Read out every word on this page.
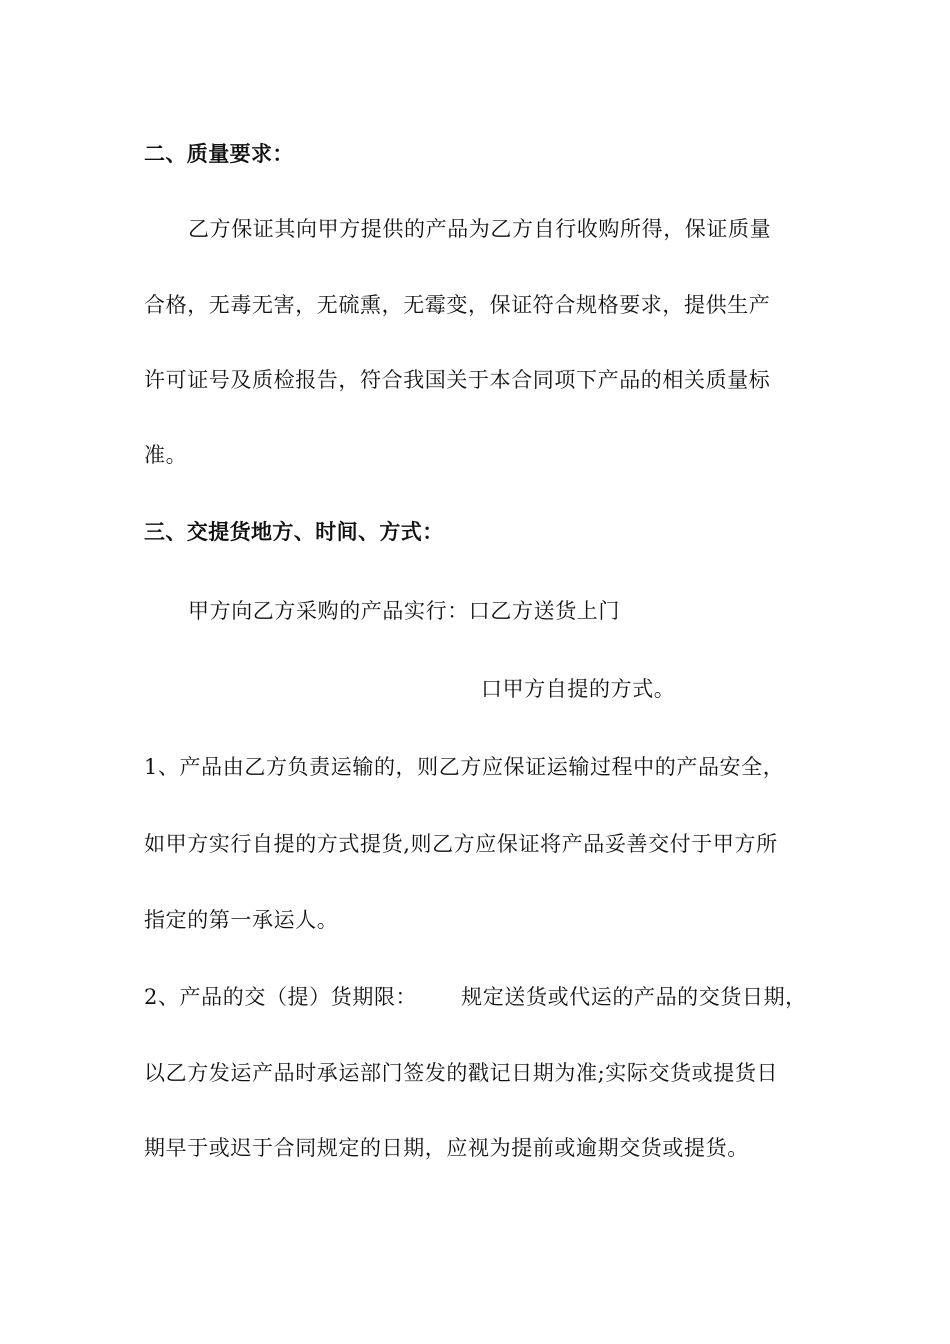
二、质量要求：
乙方保证其向甲方提供的产品为乙方自行收购所得，保证质量
合格，无毒无害，无硫熏，无霉变，保证符合规格要求，提供生产
许可证号及质检报告，符合我国关于本合同项下产品的相关质量标
准。
三、交提货地方、时间、方式：
甲方向乙方采购的产品实行：口乙方送货上门
口甲方自提的方式。
1、产品由乙方负责运输的，则乙方应保证运输过程中的产品安全，
如甲方实行自提的方式提货,则乙方应保证将产品妥善交付于甲方所
指定的第一承运人。
2、产品的交（提）货期限： 规定送货或代运的产品的交货日期，
以乙方发运产品时承运部门签发的戳记日期为准;实际交货或提货日
期早于或迟于合同规定的日期，应视为提前或逾期交货或提货。
